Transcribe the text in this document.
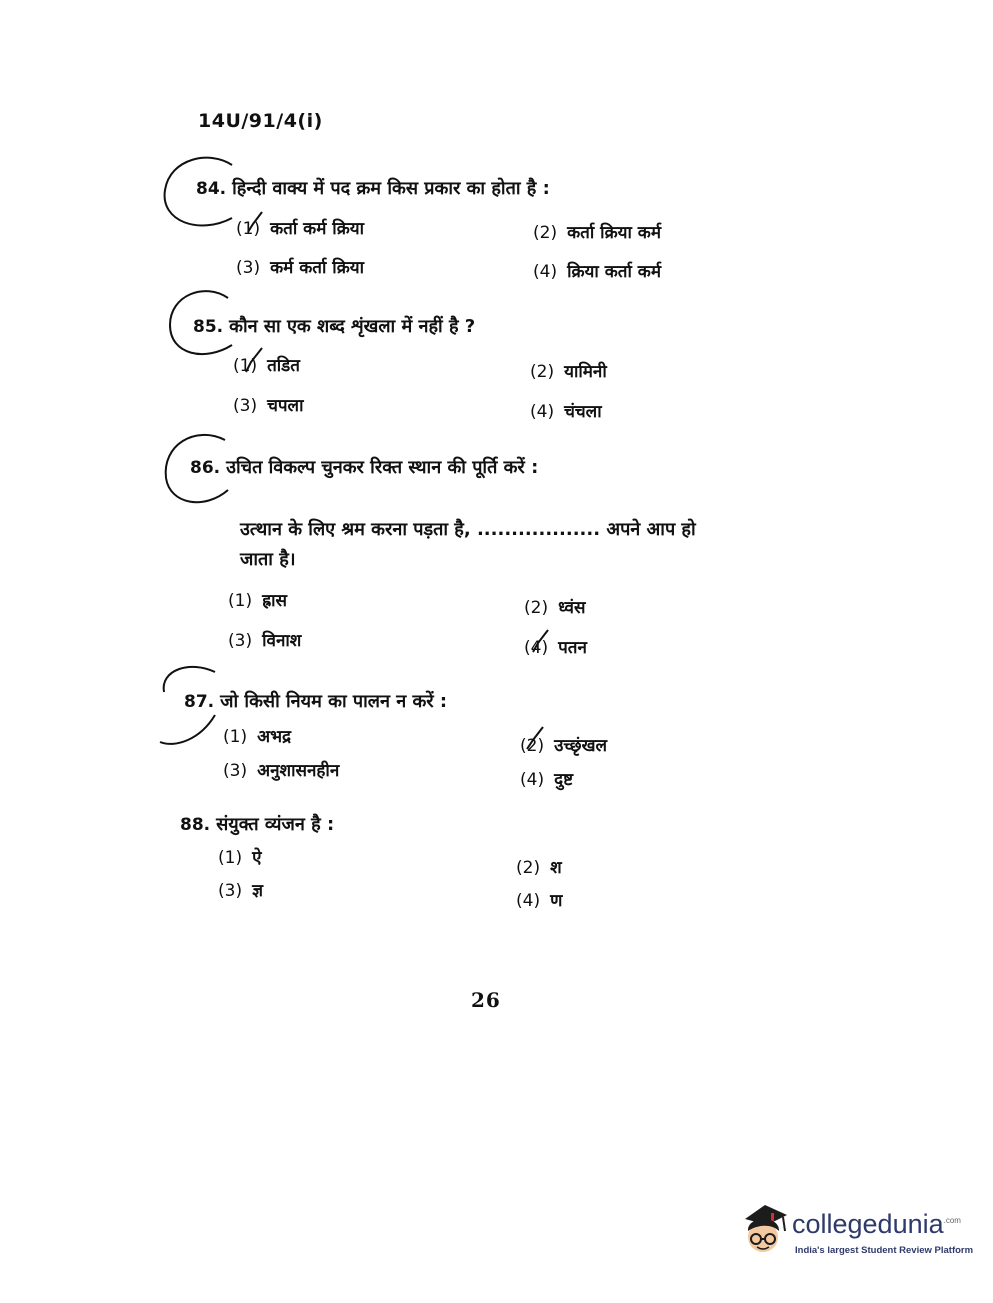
14U/91/4(i)
84. हिन्दी वाक्य में पद क्रम किस प्रकार का होता है :
(1) कर्ता कर्म क्रिया	(2) कर्ता क्रिया कर्म
(3) कर्म कर्ता क्रिया	(4) क्रिया कर्ता कर्म
85. कौन सा एक शब्द शृंखला में नहीं है ?
(1) तडित	(2) यामिनी
(3) चपला	(4) चंचला
86. उचित विकल्प चुनकर रिक्त स्थान की पूर्ति करें :
उत्थान के लिए श्रम करना पड़ता है, .................. अपने आप हो
जाता है।
(1) ह्रास	(2) ध्वंस
(3) विनाश	(4) पतन
87. जो किसी नियम का पालन न करें :
(1) अभद्र	(2) उच्छृंखल
(3) अनुशासनहीन	(4) दुष्ट
88. संयुक्त व्यंजन है :
(1) ऐ	(2) श
(3) ज्ञ	(4) ण
26
collegedunia$^{.com}$
India's largest Student Review Platform
